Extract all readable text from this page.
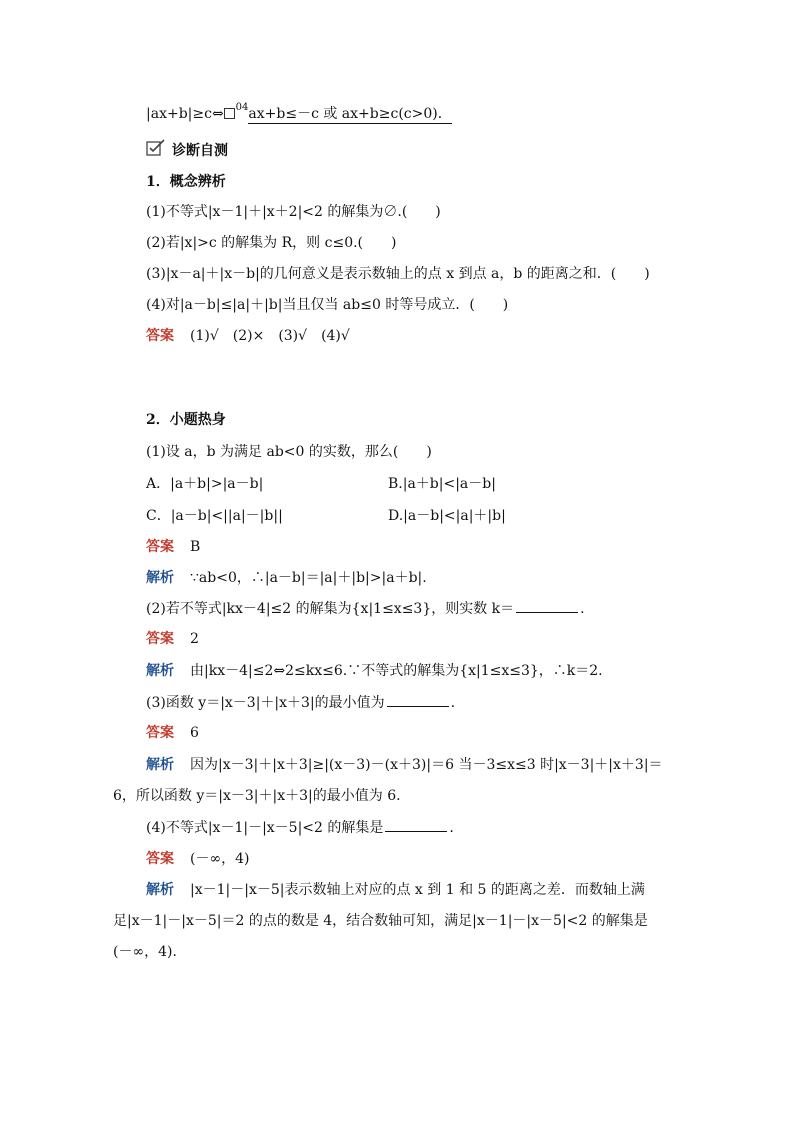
|ax+b|≥c⇔ $^{04}$ax+b≤－c 或 ax+b≥c(c>0)．
诊断自测
1．概念辨析
(1)不等式|x－1|＋|x＋2|<2 的解集为∅.(　　)
(2)若|x|>c 的解集为 R，则 c≤0.(　　)
(3)|x－a|＋|x－b|的几何意义是表示数轴上的点 x 到点 a，b 的距离之和．(　　)
(4)对|a－b|≤|a|＋|b|当且仅当 ab≤0 时等号成立．(　　)
答案 (1)√　(2)×　(3)√　(4)√
2．小题热身
(1)设 a，b 为满足 ab<0 的实数，那么(　　)
A．|a＋b|>|a－b|	B.|a＋b|<|a－b|
C．|a－b|<||a|－|b||	D.|a－b|<|a|＋|b|
答案 B
解析 ∵ab<0，∴|a－b|＝|a|＋|b|>|a＋b|.
(2)若不等式|kx－4|≤2 的解集为{x|1≤x≤3}，则实数 k＝	.
答案 2
解析 由|kx－4|≤2⇔2≤kx≤6.∵不等式的解集为{x|1≤x≤3}，∴k＝2.
(3)函数 y＝|x－3|＋|x＋3|的最小值为	.
答案 6
解析 因为|x－3|＋|x＋3|≥|(x－3)－(x＋3)|＝6 当－3≤x≤3 时|x－3|＋|x＋3|＝
6，所以函数 y＝|x－3|＋|x＋3|的最小值为 6.
(4)不等式|x－1|－|x－5|<2 的解集是	.
答案 (－∞，4)
解析 |x－1|－|x－5|表示数轴上对应的点 x 到 1 和 5 的距离之差．而数轴上满
足|x－1|－|x－5|＝2 的点的数是 4，结合数轴可知，满足|x－1|－|x－5|<2 的解集是
(－∞，4).
